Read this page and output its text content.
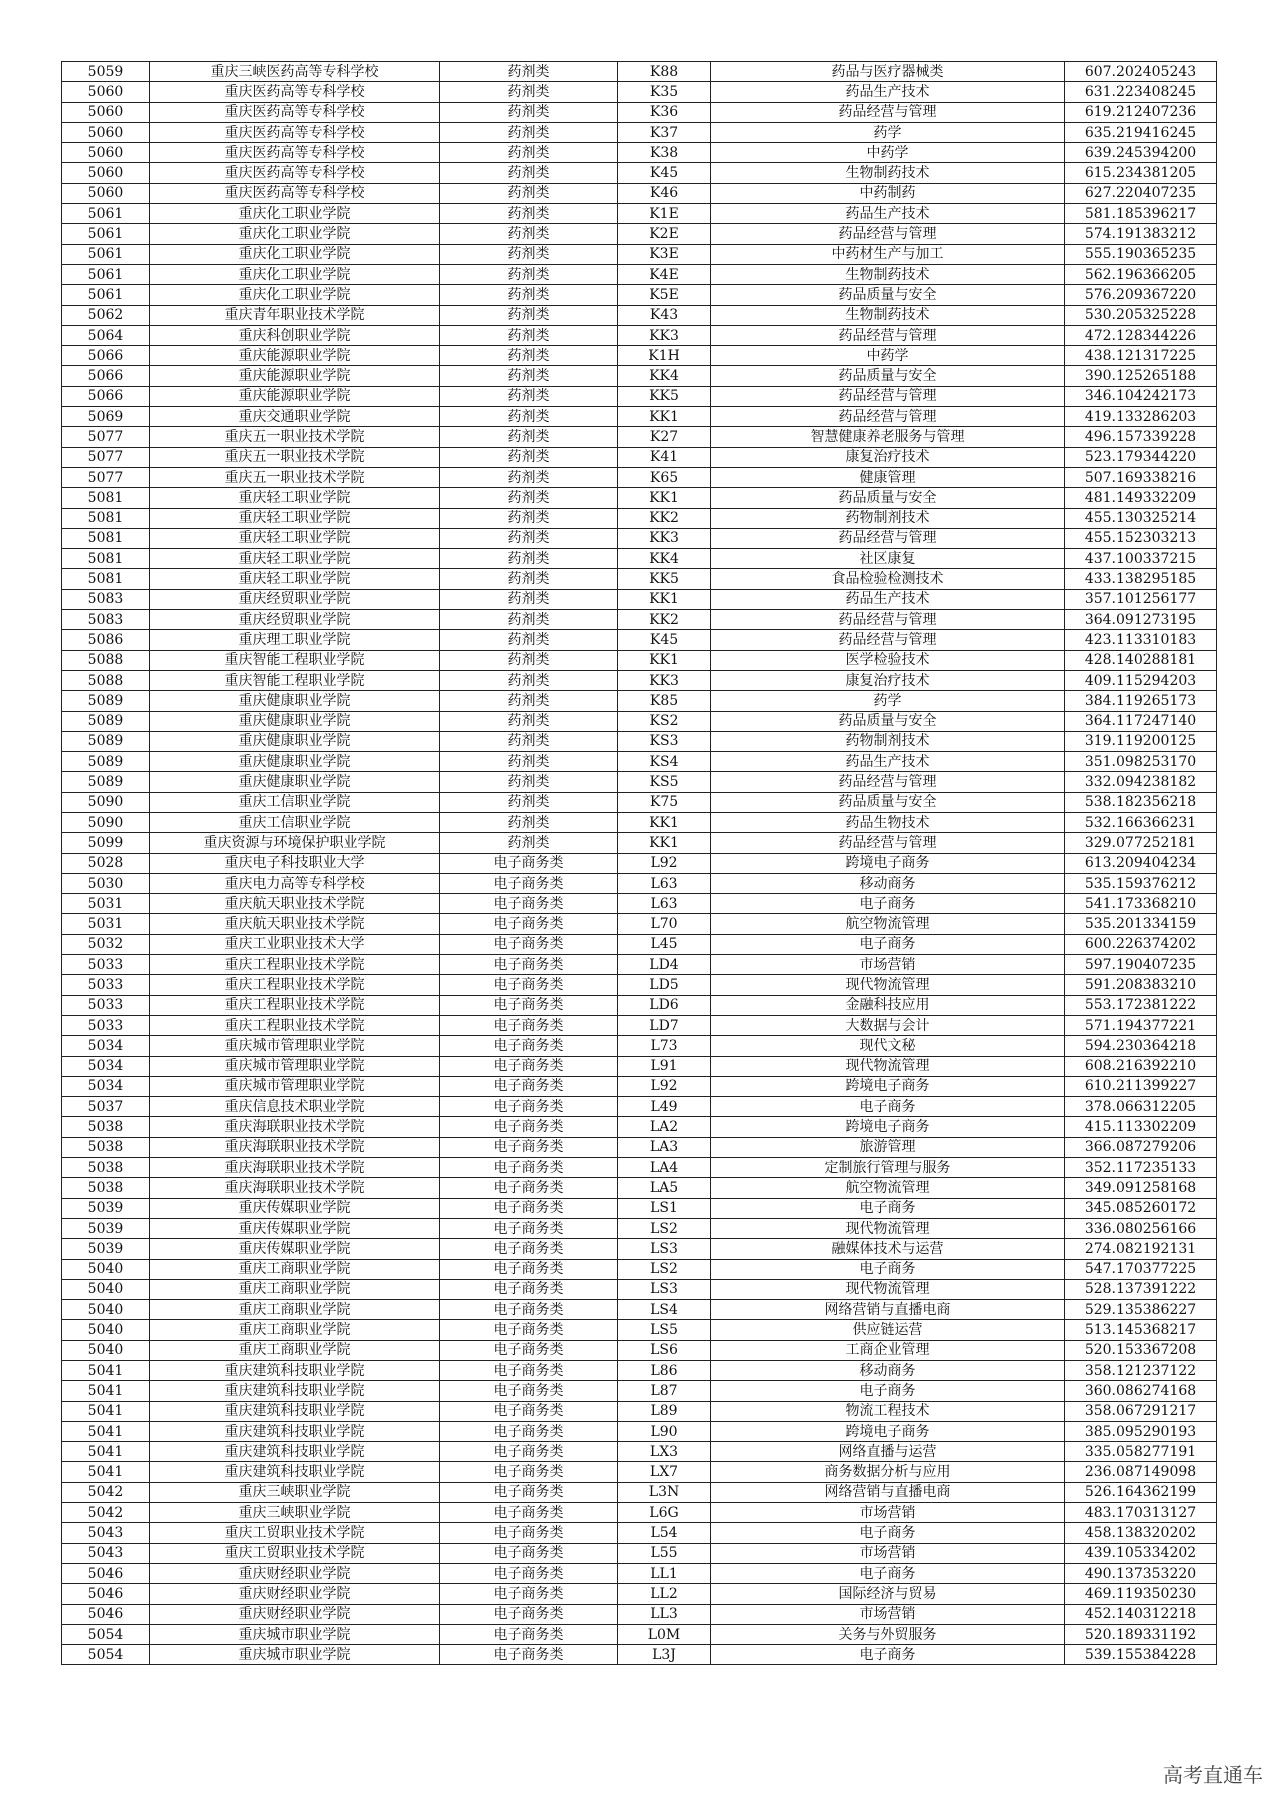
5059	重庆三峡医药高等专科学校	药剂类	K88	药品与医疗器械类	607.202405243
5060	重庆医药高等专科学校	药剂类	K35	药品生产技术	631.223408245
5060	重庆医药高等专科学校	药剂类	K36	药品经营与管理	619.212407236
5060	重庆医药高等专科学校	药剂类	K37	药学	635.219416245
5060	重庆医药高等专科学校	药剂类	K38	中药学	639.245394200
5060	重庆医药高等专科学校	药剂类	K45	生物制药技术	615.234381205
5060	重庆医药高等专科学校	药剂类	K46	中药制药	627.220407235
5061	重庆化工职业学院	药剂类	K1E	药品生产技术	581.185396217
5061	重庆化工职业学院	药剂类	K2E	药品经营与管理	574.191383212
5061	重庆化工职业学院	药剂类	K3E	中药材生产与加工	555.190365235
5061	重庆化工职业学院	药剂类	K4E	生物制药技术	562.196366205
5061	重庆化工职业学院	药剂类	K5E	药品质量与安全	576.209367220
5062	重庆青年职业技术学院	药剂类	K43	生物制药技术	530.205325228
5064	重庆科创职业学院	药剂类	KK3	药品经营与管理	472.128344226
5066	重庆能源职业学院	药剂类	K1H	中药学	438.121317225
5066	重庆能源职业学院	药剂类	KK4	药品质量与安全	390.125265188
5066	重庆能源职业学院	药剂类	KK5	药品经营与管理	346.104242173
5069	重庆交通职业学院	药剂类	KK1	药品经营与管理	419.133286203
5077	重庆五一职业技术学院	药剂类	K27	智慧健康养老服务与管理	496.157339228
5077	重庆五一职业技术学院	药剂类	K41	康复治疗技术	523.179344220
5077	重庆五一职业技术学院	药剂类	K65	健康管理	507.169338216
5081	重庆轻工职业学院	药剂类	KK1	药品质量与安全	481.149332209
5081	重庆轻工职业学院	药剂类	KK2	药物制剂技术	455.130325214
5081	重庆轻工职业学院	药剂类	KK3	药品经营与管理	455.152303213
5081	重庆轻工职业学院	药剂类	KK4	社区康复	437.100337215
5081	重庆轻工职业学院	药剂类	KK5	食品检验检测技术	433.138295185
5083	重庆经贸职业学院	药剂类	KK1	药品生产技术	357.101256177
5083	重庆经贸职业学院	药剂类	KK2	药品经营与管理	364.091273195
5086	重庆理工职业学院	药剂类	K45	药品经营与管理	423.113310183
5088	重庆智能工程职业学院	药剂类	KK1	医学检验技术	428.140288181
5088	重庆智能工程职业学院	药剂类	KK3	康复治疗技术	409.115294203
5089	重庆健康职业学院	药剂类	K85	药学	384.119265173
5089	重庆健康职业学院	药剂类	KS2	药品质量与安全	364.117247140
5089	重庆健康职业学院	药剂类	KS3	药物制剂技术	319.119200125
5089	重庆健康职业学院	药剂类	KS4	药品生产技术	351.098253170
5089	重庆健康职业学院	药剂类	KS5	药品经营与管理	332.094238182
5090	重庆工信职业学院	药剂类	K75	药品质量与安全	538.182356218
5090	重庆工信职业学院	药剂类	KK1	药品生物技术	532.166366231
5099	重庆资源与环境保护职业学院	药剂类	KK1	药品经营与管理	329.077252181
5028	重庆电子科技职业大学	电子商务类	L92	跨境电子商务	613.209404234
5030	重庆电力高等专科学校	电子商务类	L63	移动商务	535.159376212
5031	重庆航天职业技术学院	电子商务类	L63	电子商务	541.173368210
5031	重庆航天职业技术学院	电子商务类	L70	航空物流管理	535.201334159
5032	重庆工业职业技术大学	电子商务类	L45	电子商务	600.226374202
5033	重庆工程职业技术学院	电子商务类	LD4	市场营销	597.190407235
5033	重庆工程职业技术学院	电子商务类	LD5	现代物流管理	591.208383210
5033	重庆工程职业技术学院	电子商务类	LD6	金融科技应用	553.172381222
5033	重庆工程职业技术学院	电子商务类	LD7	大数据与会计	571.194377221
5034	重庆城市管理职业学院	电子商务类	L73	现代文秘	594.230364218
5034	重庆城市管理职业学院	电子商务类	L91	现代物流管理	608.216392210
5034	重庆城市管理职业学院	电子商务类	L92	跨境电子商务	610.211399227
5037	重庆信息技术职业学院	电子商务类	L49	电子商务	378.066312205
5038	重庆海联职业技术学院	电子商务类	LA2	跨境电子商务	415.113302209
5038	重庆海联职业技术学院	电子商务类	LA3	旅游管理	366.087279206
5038	重庆海联职业技术学院	电子商务类	LA4	定制旅行管理与服务	352.117235133
5038	重庆海联职业技术学院	电子商务类	LA5	航空物流管理	349.091258168
5039	重庆传媒职业学院	电子商务类	LS1	电子商务	345.085260172
5039	重庆传媒职业学院	电子商务类	LS2	现代物流管理	336.080256166
5039	重庆传媒职业学院	电子商务类	LS3	融媒体技术与运营	274.082192131
5040	重庆工商职业学院	电子商务类	LS2	电子商务	547.170377225
5040	重庆工商职业学院	电子商务类	LS3	现代物流管理	528.137391222
5040	重庆工商职业学院	电子商务类	LS4	网络营销与直播电商	529.135386227
5040	重庆工商职业学院	电子商务类	LS5	供应链运营	513.145368217
5040	重庆工商职业学院	电子商务类	LS6	工商企业管理	520.153367208
5041	重庆建筑科技职业学院	电子商务类	L86	移动商务	358.121237122
5041	重庆建筑科技职业学院	电子商务类	L87	电子商务	360.086274168
5041	重庆建筑科技职业学院	电子商务类	L89	物流工程技术	358.067291217
5041	重庆建筑科技职业学院	电子商务类	L90	跨境电子商务	385.095290193
5041	重庆建筑科技职业学院	电子商务类	LX3	网络直播与运营	335.058277191
5041	重庆建筑科技职业学院	电子商务类	LX7	商务数据分析与应用	236.087149098
5042	重庆三峡职业学院	电子商务类	L3N	网络营销与直播电商	526.164362199
5042	重庆三峡职业学院	电子商务类	L6G	市场营销	483.170313127
5043	重庆工贸职业技术学院	电子商务类	L54	电子商务	458.138320202
5043	重庆工贸职业技术学院	电子商务类	L55	市场营销	439.105334202
5046	重庆财经职业学院	电子商务类	LL1	电子商务	490.137353220
5046	重庆财经职业学院	电子商务类	LL2	国际经济与贸易	469.119350230
5046	重庆财经职业学院	电子商务类	LL3	市场营销	452.140312218
5054	重庆城市职业学院	电子商务类	L0M	关务与外贸服务	520.189331192
5054	重庆城市职业学院	电子商务类	L3J	电子商务	539.155384228
高考直通车
